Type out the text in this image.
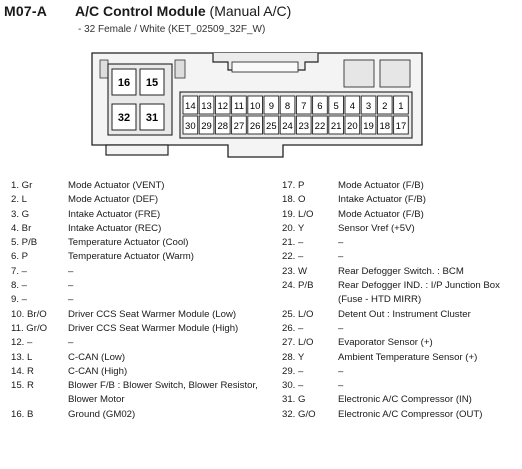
M07-A A/C Control Module (Manual A/C)
- 32 Female / White (KET_02509_32F_W)
16 15
32 31
14 13 12 11 10 9 8 7 6 5 4 3 2 1
30 29 28 27 26 25 24 23 22 21 20 19 18 17
1. Gr	Mode Actuator (VENT)
2. L	Mode Actuator (DEF)
3. G	Intake Actuator (FRE)
4. Br	Intake Actuator (REC)
5. P/B	Temperature Actuator (Cool)
6. P	Temperature Actuator (Warm)
7. –	–
8. –	–
9. –	–
10. Br/O	Driver CCS Seat Warmer Module (Low)
11. Gr/O	Driver CCS Seat Warmer Module (High)
12. –	–
13. L	C-CAN (Low)
14. R	C-CAN (High)
15. R	Blower F/B : Blower Switch, Blower Resistor, Blower Motor
16. B	Ground (GM02)
17. P	Mode Actuator (F/B)
18. O	Intake Actuator (F/B)
19. L/O	Mode Actuator (F/B)
20. Y	Sensor Vref (+5V)
21. –	–
22. –	–
23. W	Rear Defogger Switch. : BCM
24. P/B	Rear Defogger IND. : I/P Junction Box (Fuse - HTD MIRR)
25. L/O	Detent Out : Instrument Cluster
26. –	–
27. L/O	Evaporator Sensor (+)
28. Y	Ambient Temperature Sensor (+)
29. –	–
30. –	–
31. G	Electronic A/C Compressor (IN)
32. G/O	Electronic A/C Compressor (OUT)
